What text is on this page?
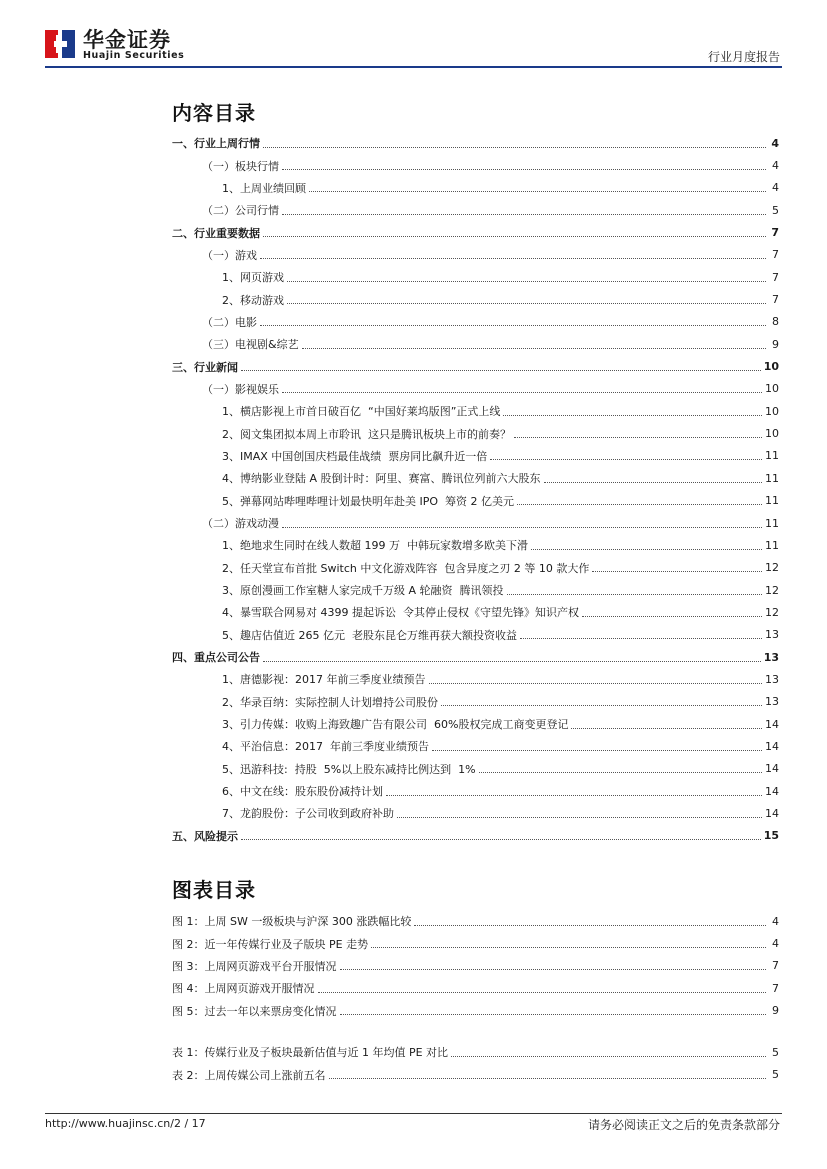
华金证券
Huajin Securities	行业月度报告
内容目录
一、行业上周行情	4
（一）板块行情	4
1、上周业绩回顾	4
（二）公司行情	5
二、行业重要数据	7
（一）游戏	7
1、网页游戏	7
2、移动游戏	7
（二）电影	8
（三）电视剧&综艺	9
三、行业新闻	10
（一）影视娱乐	10
1、横店影视上市首日破百亿  “中国好莱坞版图”正式上线	10
2、阅文集团拟本周上市聆讯  这只是腾讯板块上市的前奏？	10
3、IMAX 中国创国庆档最佳战绩  票房同比飙升近一倍	11
4、博纳影业登陆 A 股倒计时：阿里、赛富、腾讯位列前六大股东	11
5、弹幕网站哔哩哔哩计划最快明年赴美 IPO  筹资 2 亿美元	11
（二）游戏动漫	11
1、绝地求生同时在线人数超 199 万  中韩玩家数增多欧美下滑	11
2、任天堂宣布首批 Switch 中文化游戏阵容  包含异度之刃 2 等 10 款大作	12
3、原创漫画工作室糖人家完成千万级 A 轮融资  腾讯领投	12
4、暴雪联合网易对 4399 提起诉讼  令其停止侵权《守望先锋》知识产权	12
5、趣店估值近 265 亿元  老股东昆仑万维再获大额投资收益	13
四、重点公司公告	13
1、唐德影视：2017 年前三季度业绩预告	13
2、华录百纳：实际控制人计划增持公司股份	13
3、引力传媒：收购上海致趣广告有限公司  60%股权完成工商变更登记	14
4、平治信息：2017  年前三季度业绩预告	14
5、迅游科技:  持股  5%以上股东减持比例达到  1%	14
6、中文在线：股东股份减持计划	14
7、龙韵股份：子公司收到政府补助	14
五、风险提示	15
图表目录
图 1：上周 SW 一级板块与沪深 300 涨跌幅比较	4
图 2：近一年传媒行业及子版块 PE 走势	4
图 3：上周网页游戏平台开服情况	7
图 4：上周网页游戏开服情况	7
图 5：过去一年以来票房变化情况	9
表 1：传媒行业及子板块最新估值与近 1 年均值 PE 对比	5
表 2：上周传媒公司上涨前五名	5
http://www.huajinsc.cn/2 / 17	请务必阅读正文之后的免责条款部分
